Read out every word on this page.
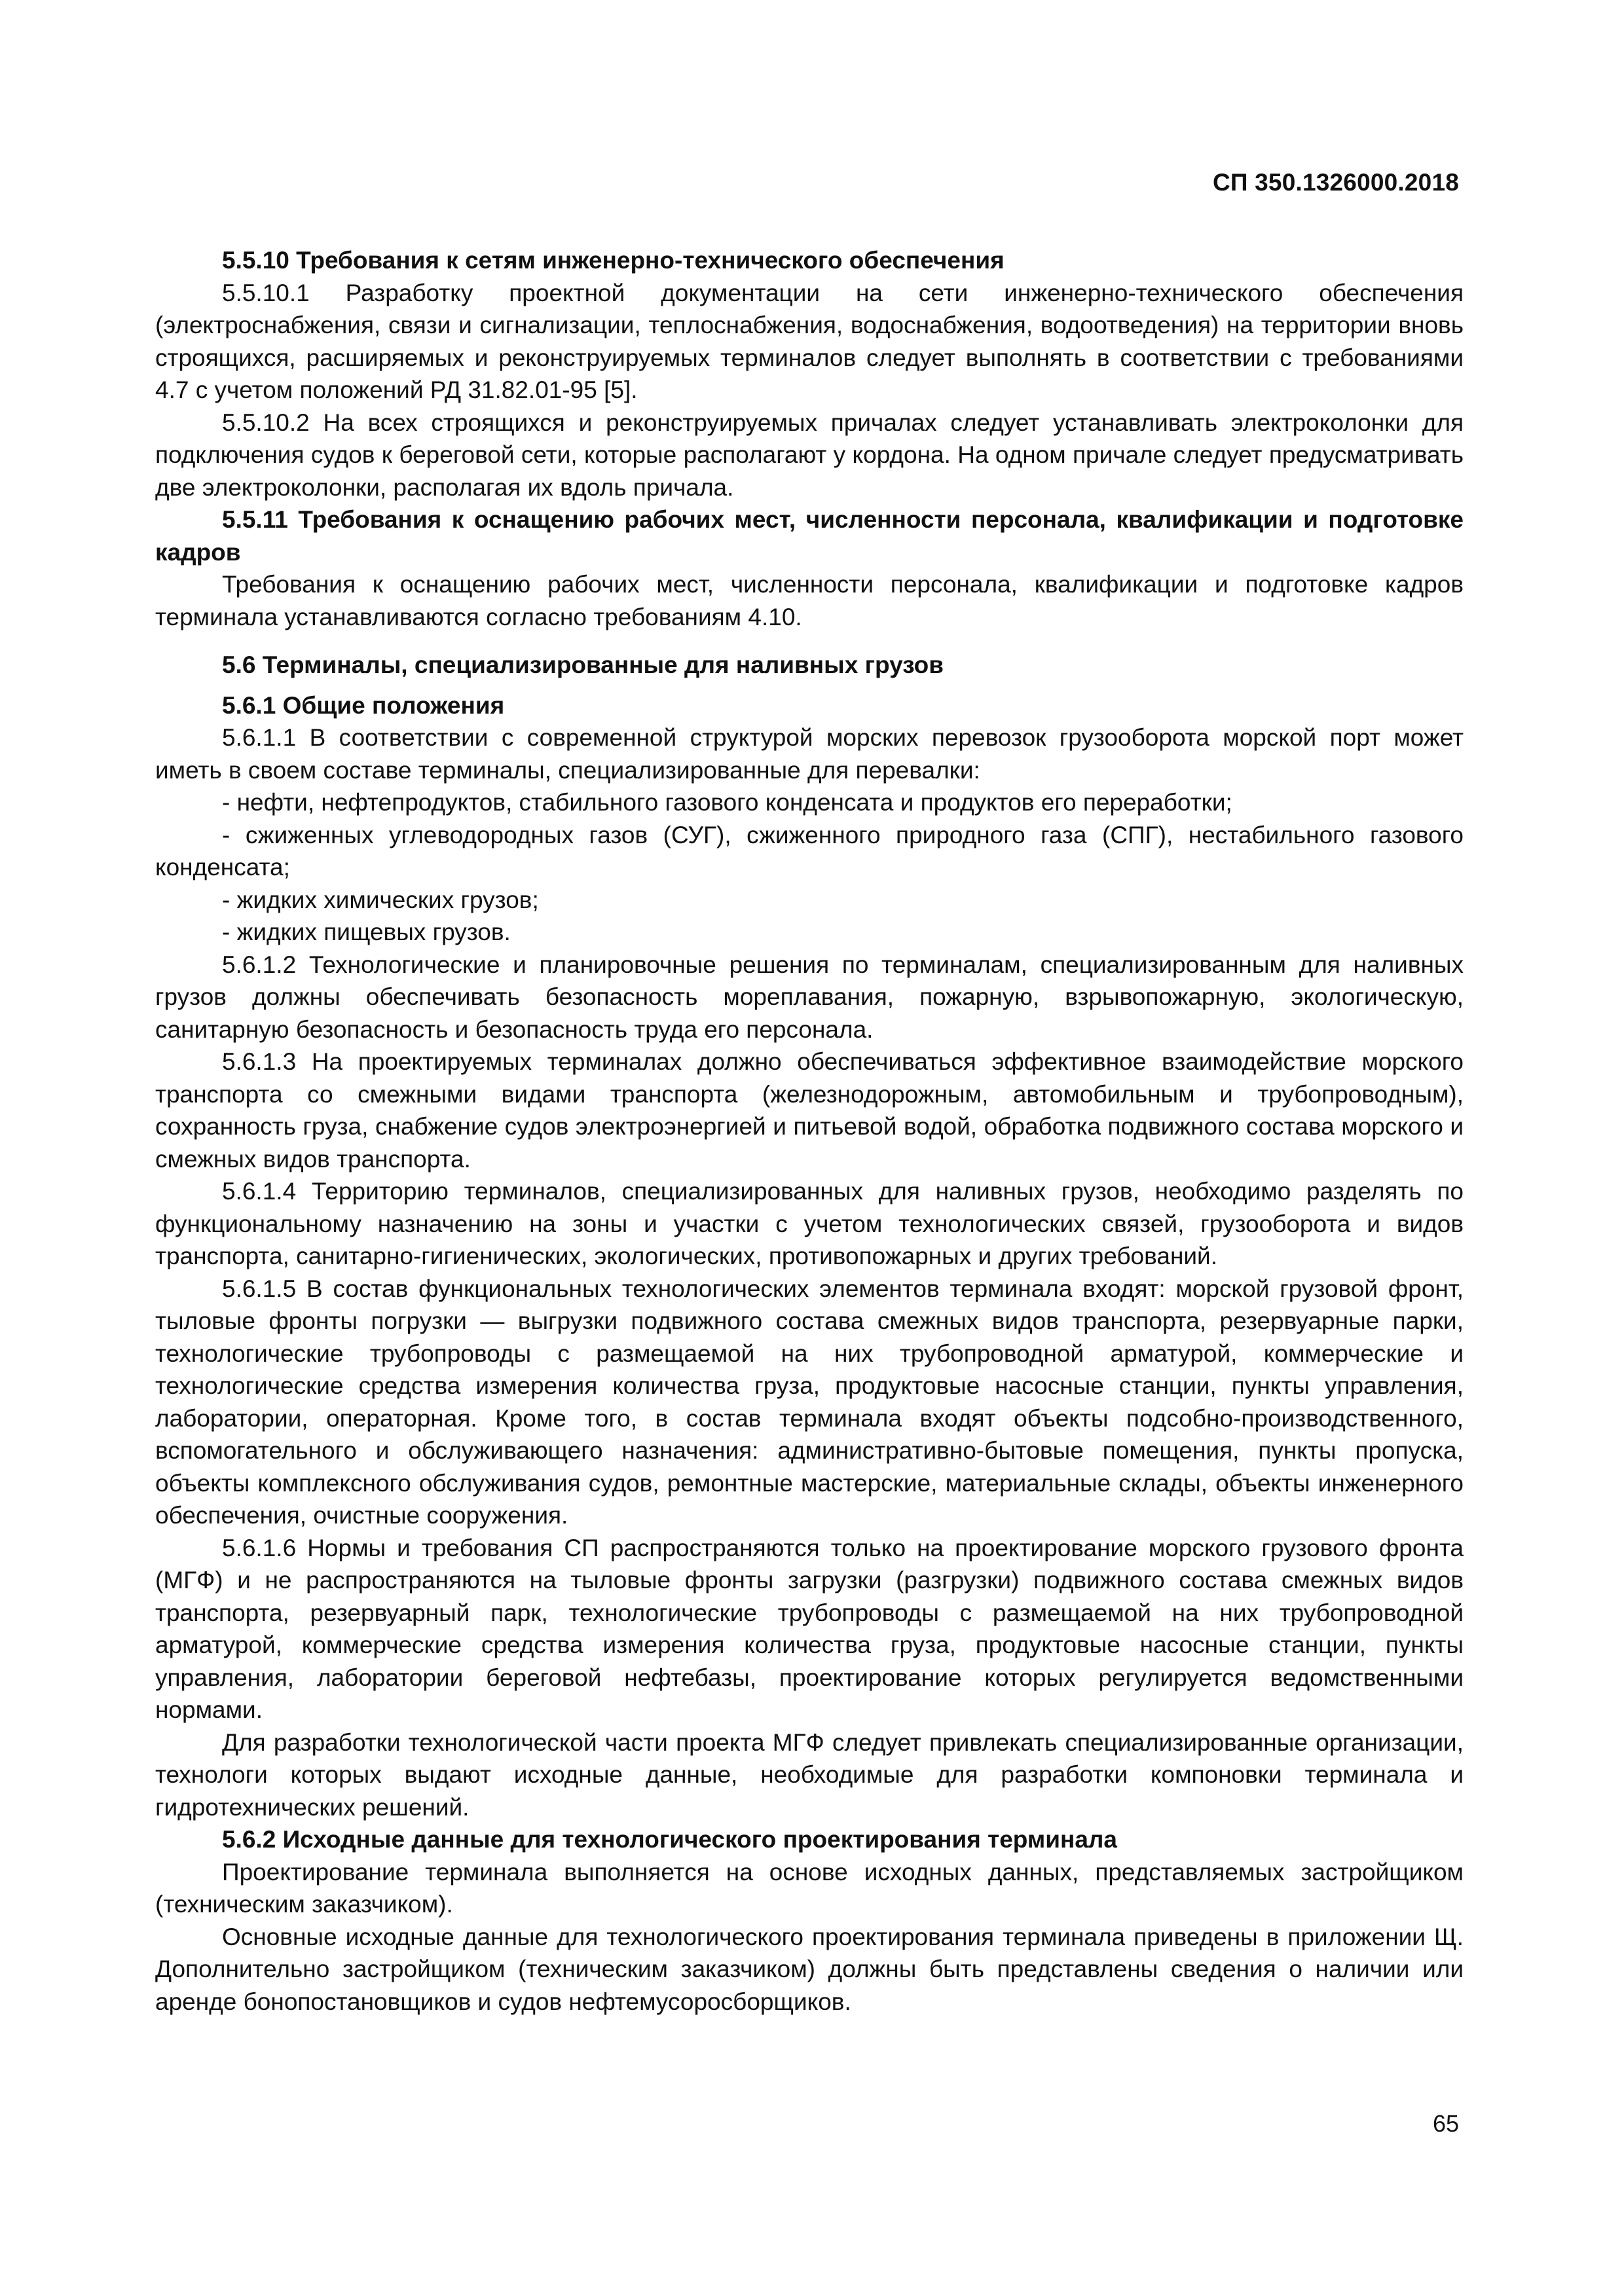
СП 350.1326000.2018

5.5.10 Требования к сетям инженерно-технического обеспечения

5.5.10.1 Разработку проектной документации на сети инженерно-технического обеспечения (электроснабжения, связи и сигнализации, теплоснабжения, водоснабжения, водоотведения) на территории вновь строящихся, расширяемых и реконструируемых терминалов следует выполнять в соответствии с требованиями 4.7 с учетом положений РД 31.82.01-95 [5].

5.5.10.2 На всех строящихся и реконструируемых причалах следует устанавливать электроколонки для подключения судов к береговой сети, которые располагают у кордона. На одном причале следует предусматривать две электроколонки, располагая их вдоль причала.

5.5.11 Требования к оснащению рабочих мест, численности персонала, квалификации и подготовке кадров

Требования к оснащению рабочих мест, численности персонала, квалификации и подготовке кадров терминала устанавливаются согласно требованиям 4.10.

5.6 Терминалы, специализированные для наливных грузов

5.6.1 Общие положения

5.6.1.1 В соответствии с современной структурой морских перевозок грузооборота морской порт может иметь в своем составе терминалы, специализированные для перевалки:

- нефти, нефтепродуктов, стабильного газового конденсата и продуктов его переработки;

- сжиженных углеводородных газов (СУГ), сжиженного природного газа (СПГ), нестабильного газового конденсата;

- жидких химических грузов;

- жидких пищевых грузов.

5.6.1.2 Технологические и планировочные решения по терминалам, специализированным для наливных грузов должны обеспечивать безопасность мореплавания, пожарную, взрывопожарную, экологическую, санитарную безопасность и безопасность труда его персонала.

5.6.1.3 На проектируемых терминалах должно обеспечиваться эффективное взаимодействие морского транспорта со смежными видами транспорта (железнодорожным, автомобильным и трубопроводным), сохранность груза, снабжение судов электроэнергией и питьевой водой, обработка подвижного состава морского и смежных видов транспорта.

5.6.1.4 Территорию терминалов, специализированных для наливных грузов, необходимо разделять по функциональному назначению на зоны и участки с учетом технологических связей, грузооборота и видов транспорта, санитарно-гигиенических, экологических, противопожарных и других требований.

5.6.1.5 В состав функциональных технологических элементов терминала входят: морской грузовой фронт, тыловые фронты погрузки — выгрузки подвижного состава смежных видов транспорта, резервуарные парки, технологические трубопроводы с размещаемой на них трубопроводной арматурой, коммерческие и технологические средства измерения количества груза, продуктовые насосные станции, пункты управления, лаборатории, операторная. Кроме того, в состав терминала входят объекты подсобно-производственного, вспомогательного и обслуживающего назначения: административно-бытовые помещения, пункты пропуска, объекты комплексного обслуживания судов, ремонтные мастерские, материальные склады, объекты инженерного обеспечения, очистные сооружения.

5.6.1.6 Нормы и требования СП распространяются только на проектирование морского грузового фронта (МГФ) и не распространяются на тыловые фронты загрузки (разгрузки) подвижного состава смежных видов транспорта, резервуарный парк, технологические трубопроводы с размещаемой на них трубопроводной арматурой, коммерческие средства измерения количества груза, продуктовые насосные станции, пункты управления, лаборатории береговой нефтебазы, проектирование которых регулируется ведомственными нормами.

Для разработки технологической части проекта МГФ следует привлекать специализированные организации, технологи которых выдают исходные данные, необходимые для разработки компоновки терминала и гидротехнических решений.

5.6.2 Исходные данные для технологического проектирования терминала

Проектирование терминала выполняется на основе исходных данных, представляемых застройщиком (техническим заказчиком).

Основные исходные данные для технологического проектирования терминала приведены в приложении Щ. Дополнительно застройщиком (техническим заказчиком) должны быть представлены сведения о наличии или аренде бонопостановщиков и судов нефтемусоросборщиков.

65
